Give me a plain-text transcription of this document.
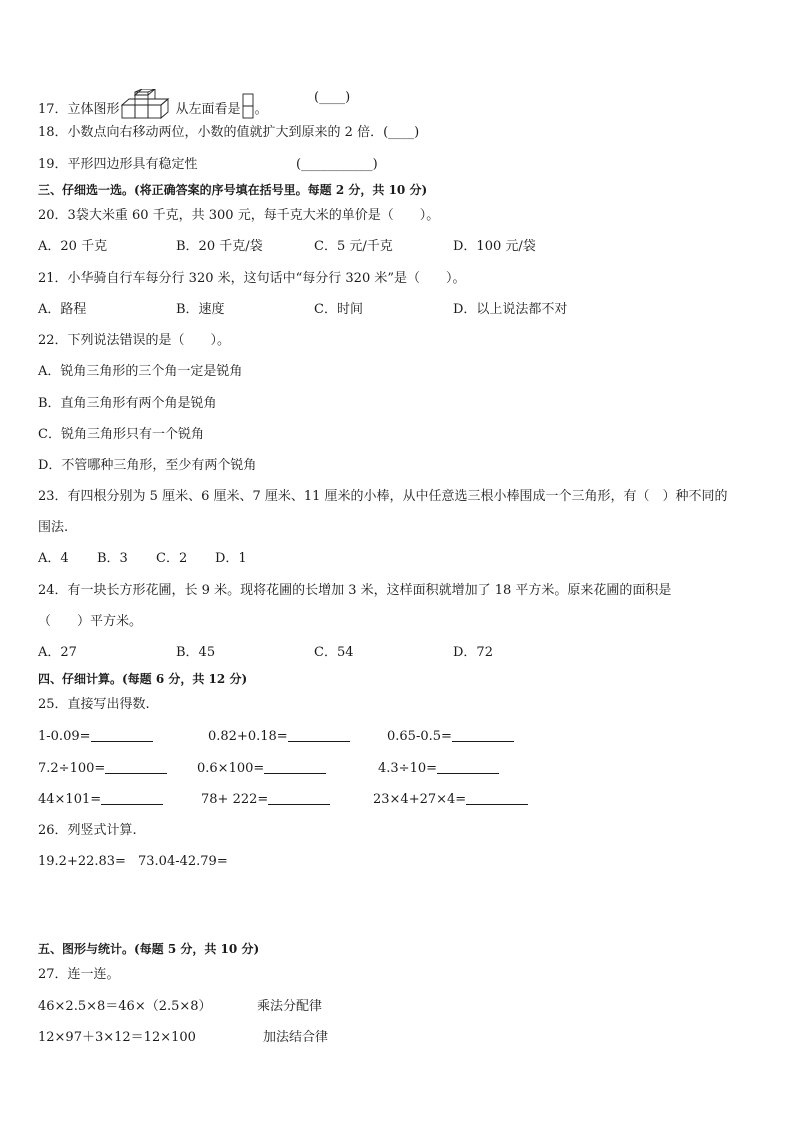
17．立体图形	从左面看是 。
(____)
18．小数点向右移动两位，小数的值就扩大到原来的 2 倍．(____)
19．平形四边形具有稳定性	(___________)
三、仔细选一选。(将正确答案的序号填在括号里。每题 2 分，共 10 分)
20．3袋大米重 60 千克，共 300 元，每千克大米的单价是（　　）。
A．20 千克	B．20 千克/袋	C．5 元/千克	D．100 元/袋
21．小华骑自行车每分行 320 米，这句话中“每分行 320 米”是（　　）。
A．路程	B．速度	C．时间	D．以上说法都不对
22．下列说法错误的是（　　）。
A．锐角三角形的三个角一定是锐角
B．直角三角形有两个角是锐角
C．锐角三角形只有一个锐角
D．不管哪种三角形，至少有两个锐角
23．有四根分别为 5 厘米、6 厘米、7 厘米、11 厘米的小棒，从中任意选三根小棒围成一个三角形，有（　）种不同的
围法.
A．4 B．3 C．2 D．1
24．有一块长方形花圃，长 9 米。现将花圃的长增加 3 米，这样面积就增加了 18 平方米。原来花圃的面积是
（　　）平方米。
A．27	B．45	C．54	D．72
四、仔细计算。(每题 6 分，共 12 分)
25．直接写出得数.
1-0.09=	0.82+0.18=	0.65-0.5=
7.2÷100=	0.6×100=	4.3÷10=
44×101=	78+ 222=	23×4+27×4=
26．列竖式计算.
19.2+22.83= 73.04-42.79=
五、图形与统计。(每题 5 分，共 10 分)
27．连一连。
46×2.5×8＝46×（2.5×8）	乘法分配律
12×97＋3×12＝12×100	加法结合律
